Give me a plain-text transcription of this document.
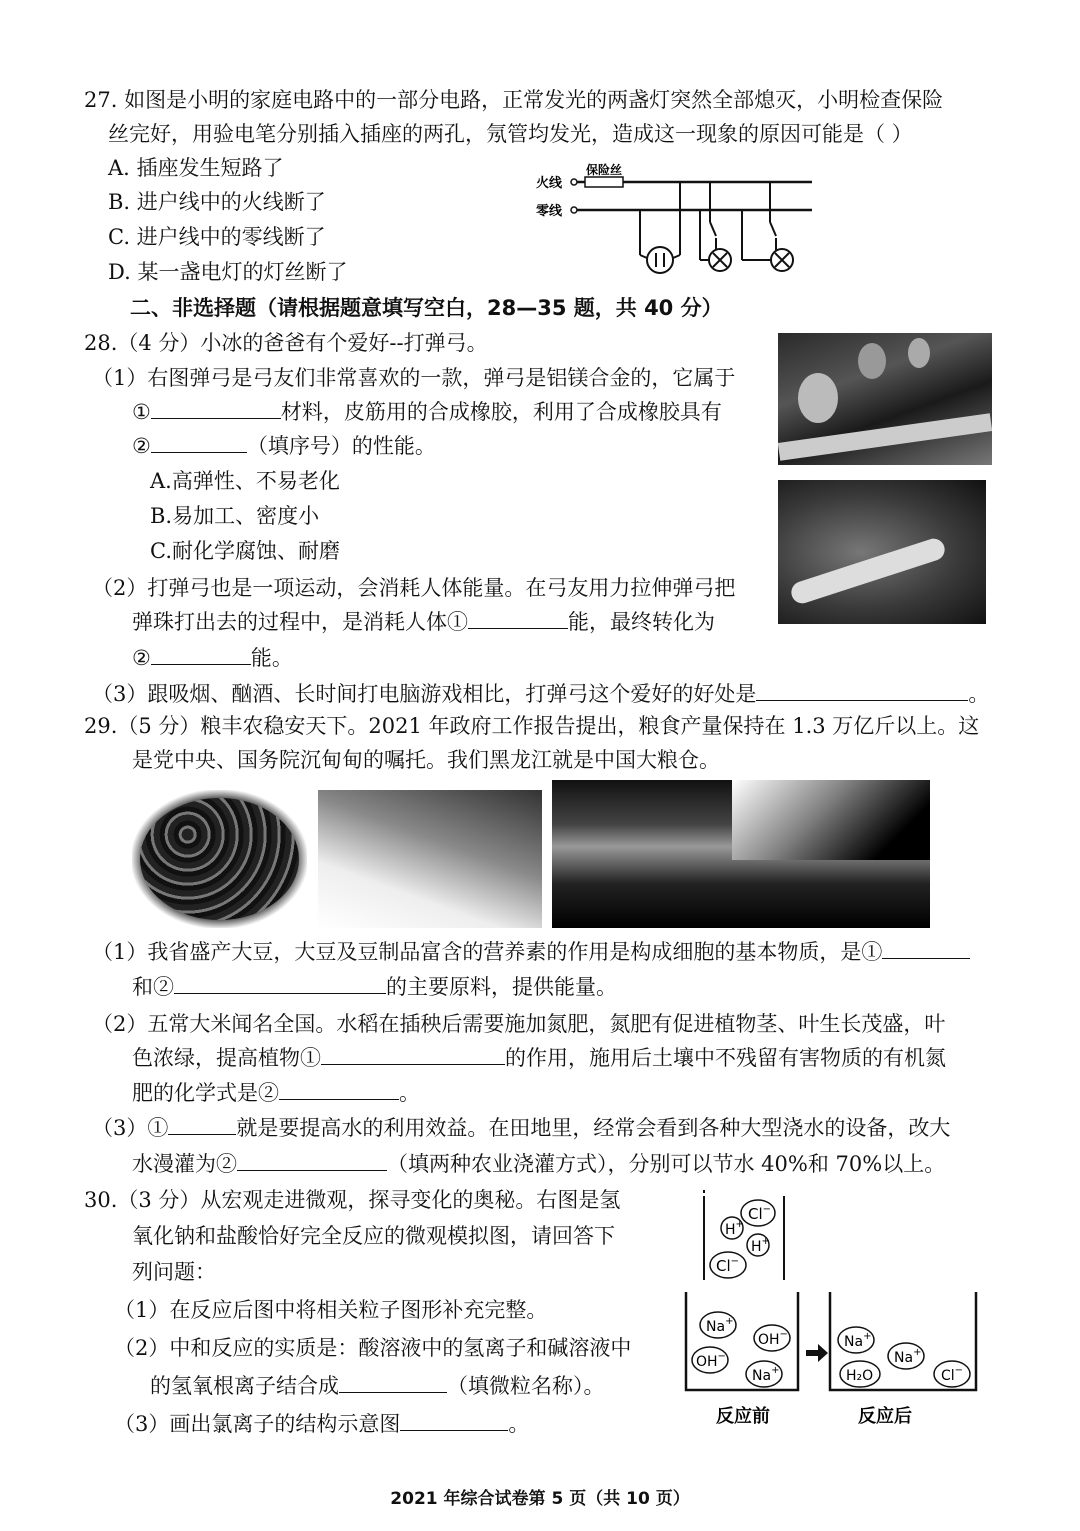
27. 如图是小明的家庭电路中的一部分电路，正常发光的两盏灯突然全部熄灭，小明检查保险
丝完好，用验电笔分别插入插座的两孔，氖管均发光，造成这一现象的原因可能是（ ）
A. 插座发生短路了
B. 进户线中的火线断了
C. 进户线中的零线断了
D. 某一盏电灯的灯丝断了
火线
零线
保险丝
二、非选择题（请根据题意填写空白，28—35 题，共 40 分）
28.（4 分）小冰的爸爸有个爱好--打弹弓。
（1）右图弹弓是弓友们非常喜欢的一款，弹弓是铝镁合金的，它属于
①	材料，皮筋用的合成橡胶，利用了合成橡胶具有
②	（填序号）的性能。
A.高弹性、不易老化
B.易加工、密度小
C.耐化学腐蚀、耐磨
（2）打弹弓也是一项运动，会消耗人体能量。在弓友用力拉伸弹弓把
弹珠打出去的过程中，是消耗人体①	能，最终转化为
②	能。
（3）跟吸烟、酗酒、长时间打电脑游戏相比，打弹弓这个爱好的好处是	。
29.（5 分）粮丰农稳安天下。2021 年政府工作报告提出，粮食产量保持在 1.3 万亿斤以上。这
是党中央、国务院沉甸甸的嘱托。我们黑龙江就是中国大粮仓。
（1）我省盛产大豆，大豆及豆制品富含的营养素的作用是构成细胞的基本物质，是①
和②	的主要原料，提供能量。
（2）五常大米闻名全国。水稻在插秧后需要施加氮肥，氮肥有促进植物茎、叶生长茂盛，叶
色浓绿，提高植物①	的作用，施用后土壤中不残留有害物质的有机氮
肥的化学式是②	。
（3）①	就是要提高水的利用效益。在田地里，经常会看到各种大型浇水的设备，改大
水漫灌为②	（填两种农业浇灌方式），分别可以节水 40%和 70%以上。
30.（3 分）从宏观走进微观，探寻变化的奥秘。右图是氢
氧化钠和盐酸恰好完全反应的微观模拟图，请回答下
列问题：
（1）在反应后图中将相关粒子图形补充完整。
（2）中和反应的实质是：酸溶液中的氢离子和碱溶液中
的氢氧根离子结合成	（填微粒名称）。
（3）画出氯离子的结构示意图	。
Cl−
H+
H+
Cl−
Na+
OH−
OH−
Na+
Na+
Na+
H₂O	Cl−
反应前	反应后
2021 年综合试卷第 5 页（共 10 页）
